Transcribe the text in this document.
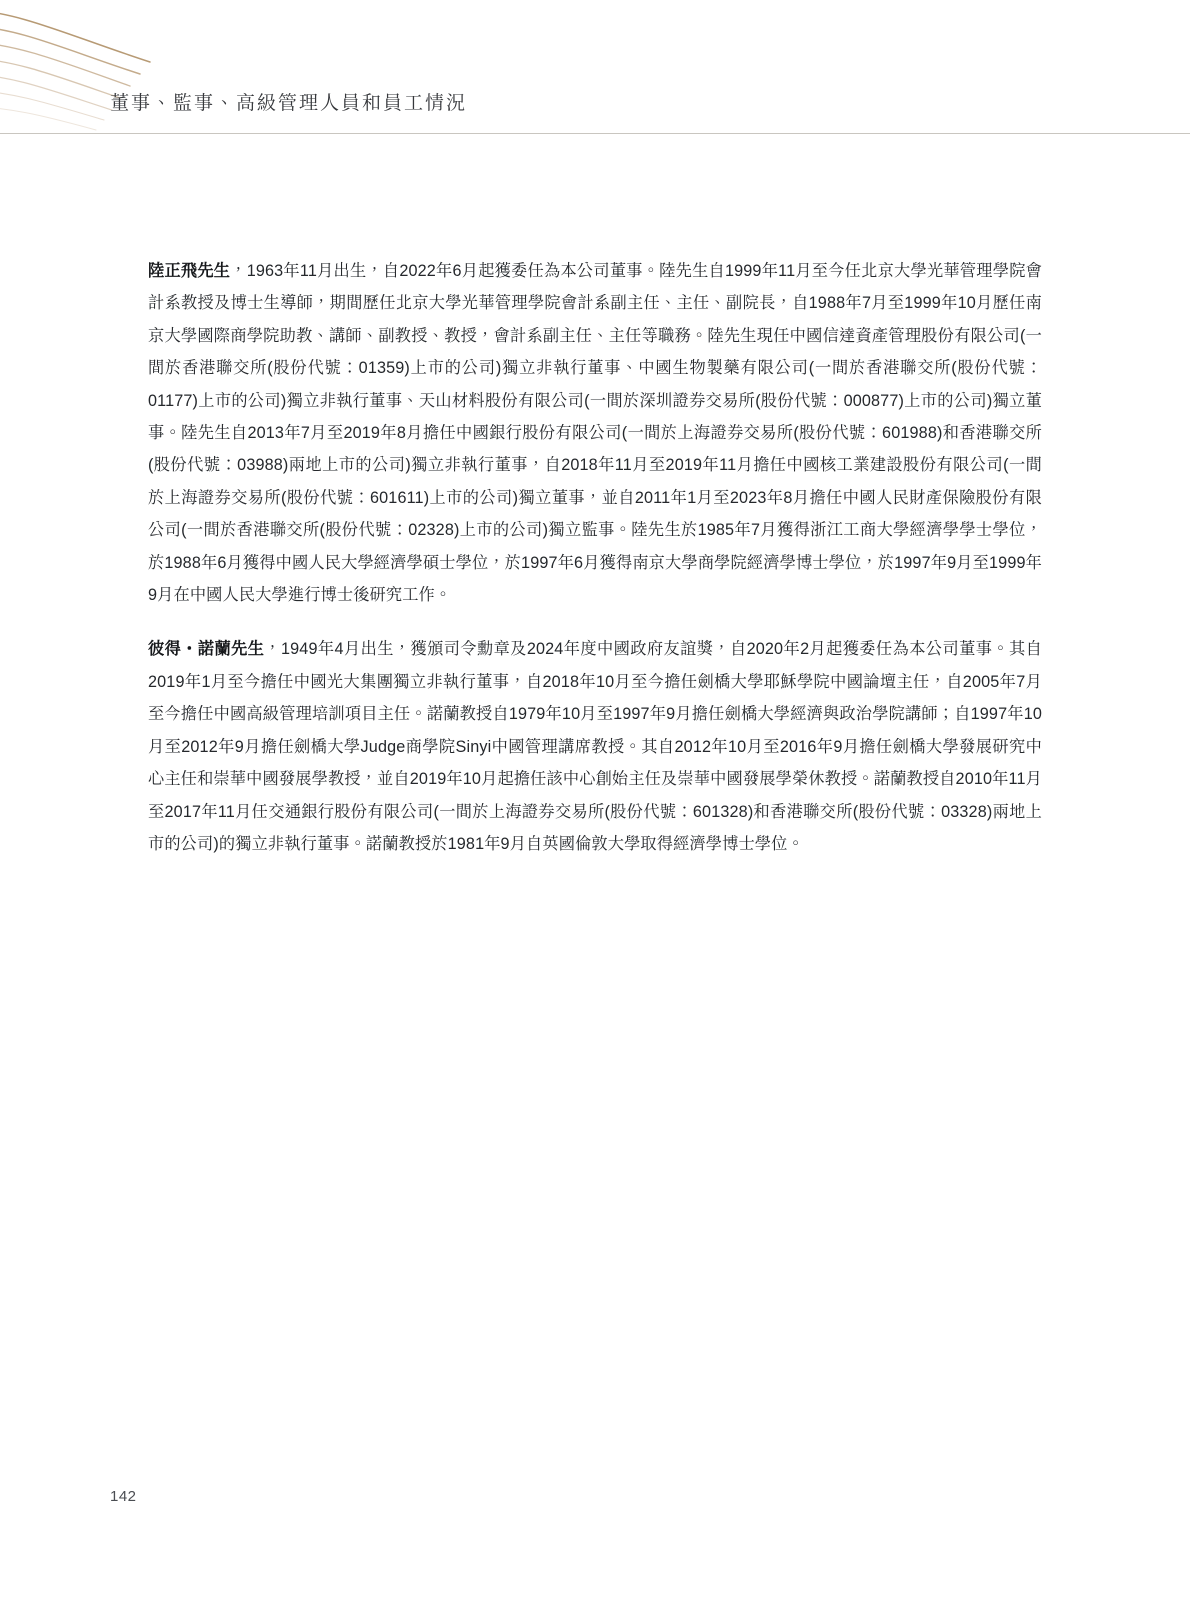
董事、監事、高級管理人員和員工情況

陸正飛先生，1963年11月出生，自2022年6月起獲委任為本公司董事。陸先生自1999年11月至今任北京大學光華管理學院會計系教授及博士生導師，期間歷任北京大學光華管理學院會計系副主任、主任、副院長，自1988年7月至1999年10月歷任南京大學國際商學院助教、講師、副教授、教授，會計系副主任、主任等職務。陸先生現任中國信達資產管理股份有限公司(一間於香港聯交所(股份代號：01359)上市的公司)獨立非執行董事、中國生物製藥有限公司(一間於香港聯交所(股份代號：01177)上市的公司)獨立非執行董事、天山材料股份有限公司(一間於深圳證券交易所(股份代號：000877)上市的公司)獨立董事。陸先生自2013年7月至2019年8月擔任中國銀行股份有限公司(一間於上海證券交易所(股份代號：601988)和香港聯交所(股份代號：03988)兩地上市的公司)獨立非執行董事，自2018年11月至2019年11月擔任中國核工業建設股份有限公司(一間於上海證券交易所(股份代號：601611)上市的公司)獨立董事，並自2011年1月至2023年8月擔任中國人民財產保險股份有限公司(一間於香港聯交所(股份代號：02328)上市的公司)獨立監事。陸先生於1985年7月獲得浙江工商大學經濟學學士學位，於1988年6月獲得中國人民大學經濟學碩士學位，於1997年6月獲得南京大學商學院經濟學博士學位，於1997年9月至1999年9月在中國人民大學進行博士後研究工作。

彼得・諾蘭先生，1949年4月出生，獲頒司令勳章及2024年度中國政府友誼獎，自2020年2月起獲委任為本公司董事。其自2019年1月至今擔任中國光大集團獨立非執行董事，自2018年10月至今擔任劍橋大學耶穌學院中國論壇主任，自2005年7月至今擔任中國高級管理培訓項目主任。諾蘭教授自1979年10月至1997年9月擔任劍橋大學經濟與政治學院講師；自1997年10月至2012年9月擔任劍橋大學Judge商學院Sinyi中國管理講席教授。其自2012年10月至2016年9月擔任劍橋大學發展研究中心主任和崇華中國發展學教授，並自2019年10月起擔任該中心創始主任及崇華中國發展學榮休教授。諾蘭教授自2010年11月至2017年11月任交通銀行股份有限公司(一間於上海證券交易所(股份代號：601328)和香港聯交所(股份代號：03328)兩地上市的公司)的獨立非執行董事。諾蘭教授於1981年9月自英國倫敦大學取得經濟學博士學位。

142
